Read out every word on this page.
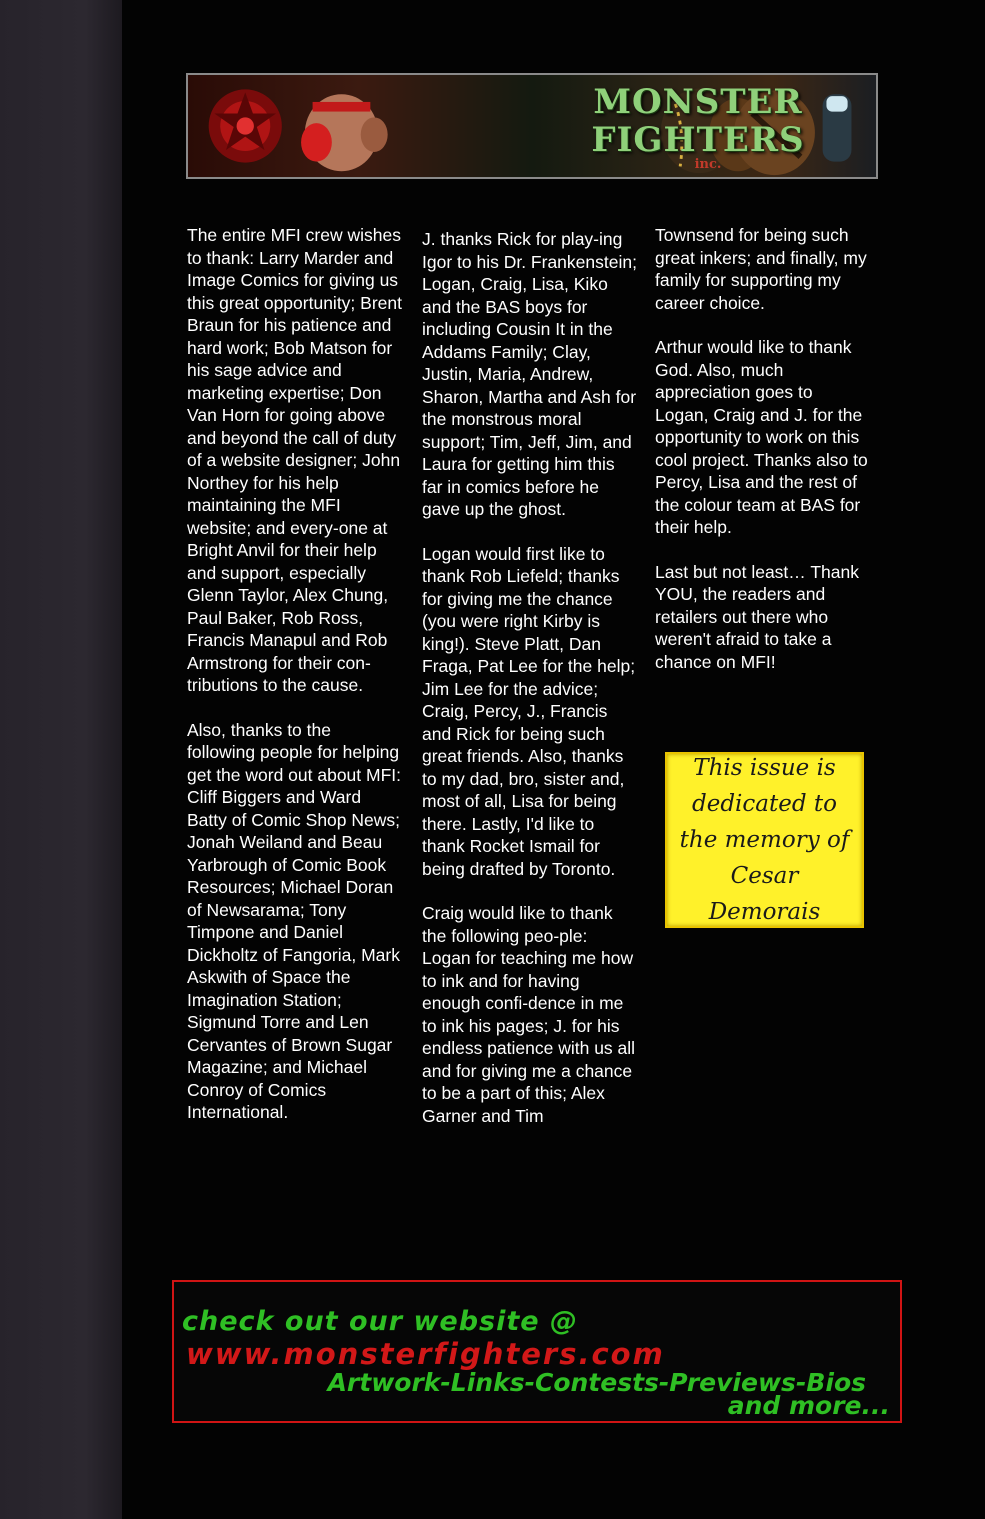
MONSTER FIGHTERS
inc.

The entire MFI crew wishes to thank: Larry Marder and Image Comics for giving us this great opportunity; Brent Braun for his patience and hard work; Bob Matson for his sage advice and marketing expertise; Don Van Horn for going above and beyond the call of duty of a website designer; John Northey for his help maintaining the MFI website; and every-one at Bright Anvil for their help and support, especially Glenn Taylor, Alex Chung, Paul Baker, Rob Ross, Francis Manapul and Rob Armstrong for their con-tributions to the cause.

Also, thanks to the following people for helping get the word out about MFI: Cliff Biggers and Ward Batty of Comic Shop News; Jonah Weiland and Beau Yarbrough of Comic Book Resources; Michael Doran of Newsarama; Tony Timpone and Daniel Dickholtz of Fangoria, Mark Askwith of Space the Imagination Station; Sigmund Torre and Len Cervantes of Brown Sugar Magazine; and Michael Conroy of Comics International.

J. thanks Rick for play-ing Igor to his Dr. Frankenstein; Logan, Craig, Lisa, Kiko and the BAS boys for including Cousin It in the Addams Family; Clay, Justin, Maria, Andrew, Sharon, Martha and Ash for the monstrous moral support; Tim, Jeff, Jim, and Laura for getting him this far in comics before he gave up the ghost.

Logan would first like to thank Rob Liefeld; thanks for giving me the chance (you were right Kirby is king!). Steve Platt, Dan Fraga, Pat Lee for the help; Jim Lee for the advice; Craig, Percy, J., Francis and Rick for being such great friends. Also, thanks to my dad, bro, sister and, most of all, Lisa for being there. Lastly, I'd like to thank Rocket Ismail for being drafted by Toronto.

Craig would like to thank the following peo-ple: Logan for teaching me how to ink and for having enough confi-dence in me to ink his pages; J. for his endless patience with us all and for giving me a chance to be a part of this; Alex Garner and Tim

Townsend for being such great inkers; and finally, my family for supporting my career choice.

Arthur would like to thank God. Also, much appreciation goes to Logan, Craig and J. for the opportunity to work on this cool project. Thanks also to Percy, Lisa and the rest of the colour team at BAS for their help.

Last but not least… Thank YOU, the readers and retailers out there who weren't afraid to take a chance on MFI!

This issue is dedicated to the memory of Cesar Demorais
check out our website @
www.monsterfighters.com
Artwork-Links-Contests-Previews-Bios
and more...
